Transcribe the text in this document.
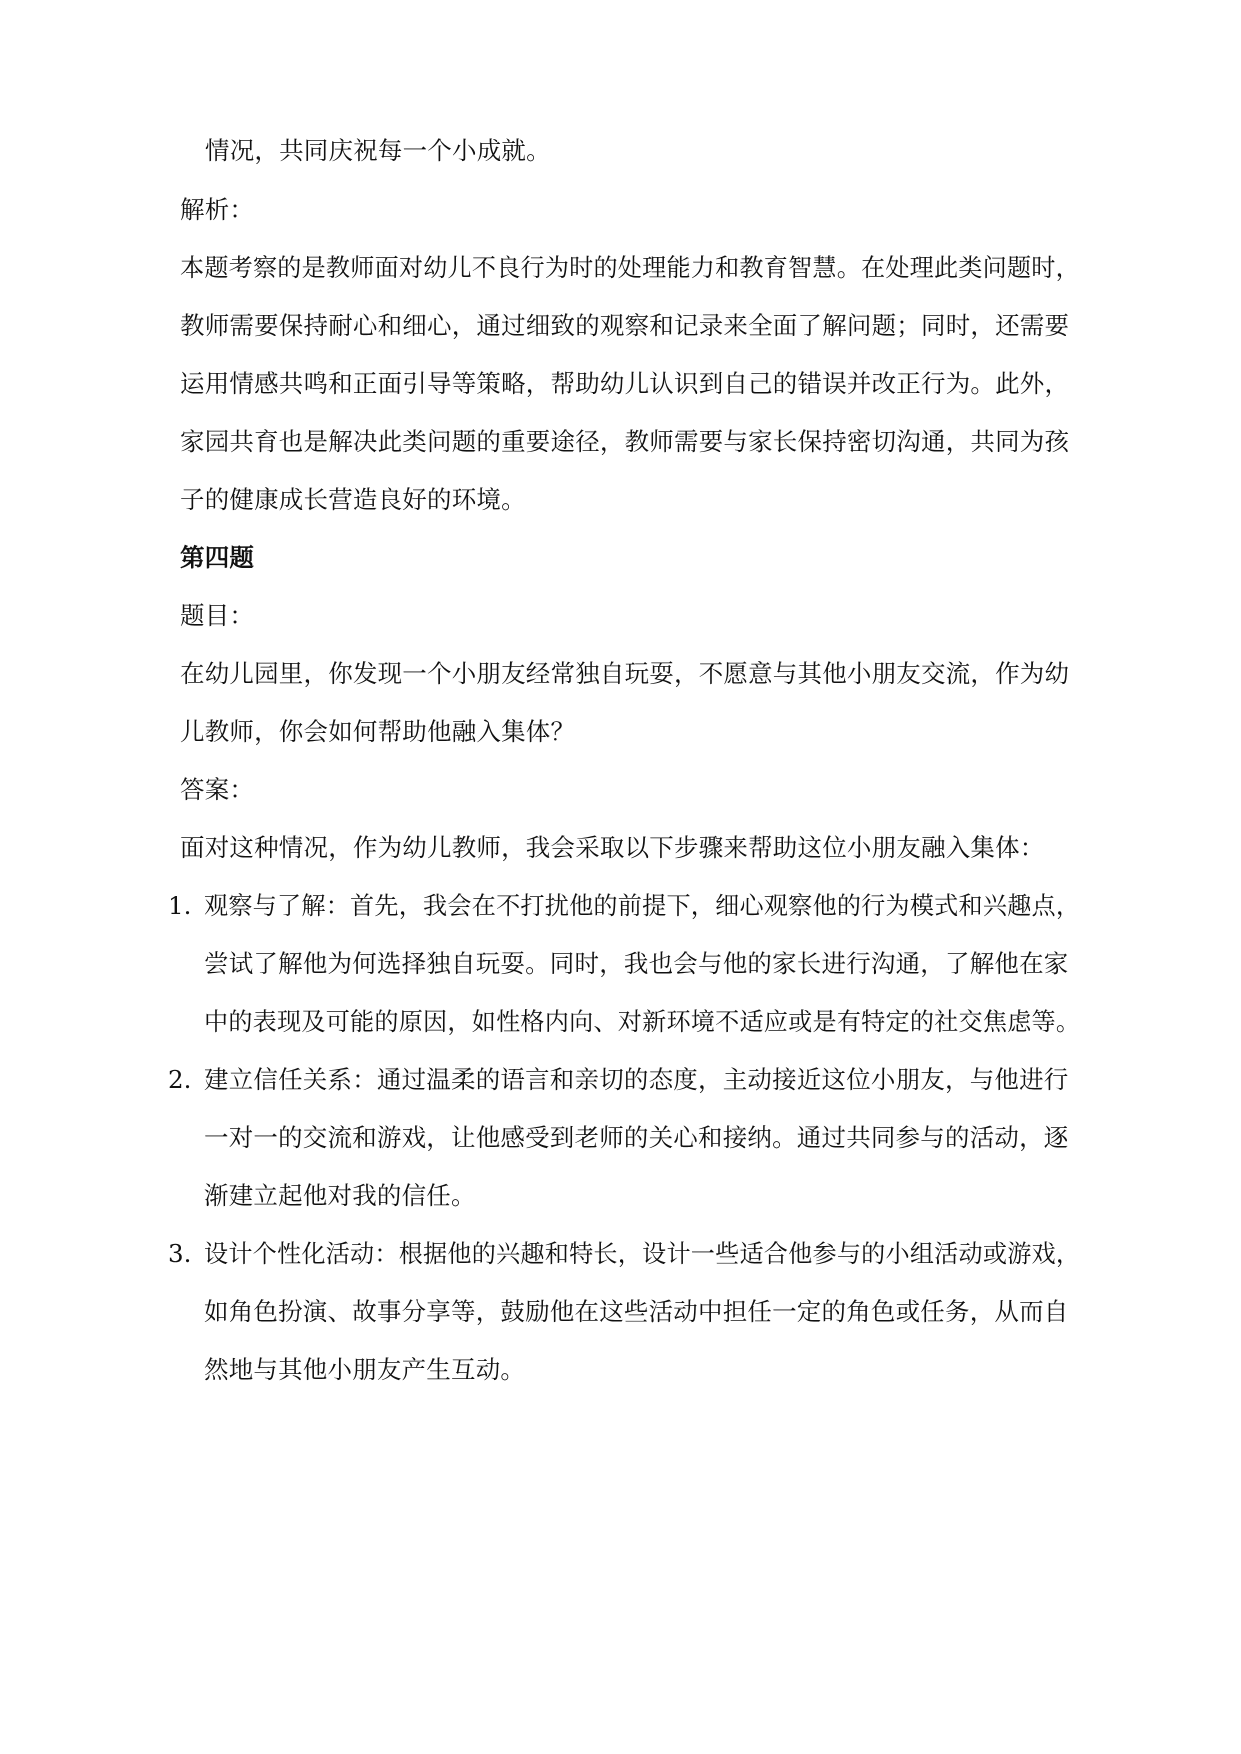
情况，共同庆祝每一个小成就。
解析：
本题考察的是教师面对幼儿不良行为时的处理能力和教育智慧。在处理此类问题时，
教师需要保持耐心和细心，通过细致的观察和记录来全面了解问题；同时，还需要
运用情感共鸣和正面引导等策略，帮助幼儿认识到自己的错误并改正行为。此外，
家园共育也是解决此类问题的重要途径，教师需要与家长保持密切沟通，共同为孩
子的健康成长营造良好的环境。
第四题
题目：
在幼儿园里，你发现一个小朋友经常独自玩耍，不愿意与其他小朋友交流，作为幼
儿教师，你会如何帮助他融入集体？
答案：
面对这种情况，作为幼儿教师，我会采取以下步骤来帮助这位小朋友融入集体：
1. 观察与了解：首先，我会在不打扰他的前提下，细心观察他的行为模式和兴趣点，
尝试了解他为何选择独自玩耍。同时，我也会与他的家长进行沟通，了解他在家
中的表现及可能的原因，如性格内向、对新环境不适应或是有特定的社交焦虑等。
2. 建立信任关系：通过温柔的语言和亲切的态度，主动接近这位小朋友，与他进行
一对一的交流和游戏，让他感受到老师的关心和接纳。通过共同参与的活动，逐
渐建立起他对我的信任。
3. 设计个性化活动：根据他的兴趣和特长，设计一些适合他参与的小组活动或游戏，
如角色扮演、故事分享等，鼓励他在这些活动中担任一定的角色或任务，从而自
然地与其他小朋友产生互动。
